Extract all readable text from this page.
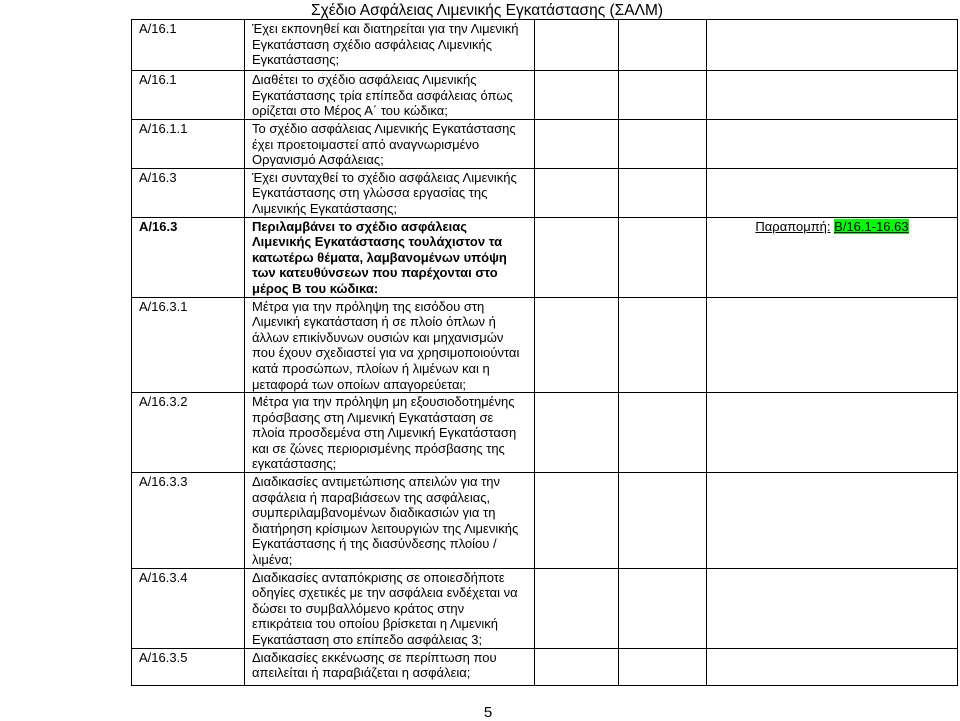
Σχέδιο Ασφάλειας Λιμενικής Εγκατάστασης (ΣΑΛΜ)
Α/16.1	Έχει εκπονηθεί και διατηρείται για την Λιμενική Εγκατάσταση σχέδιο ασφάλειας Λιμενικής Εγκατάστασης;			
Α/16.1	Διαθέτει το σχέδιο ασφάλειας Λιμενικής Εγκατάστασης τρία επίπεδα ασφάλειας όπως ορίζεται στο Μέρος Α΄ του κώδικα;			
Α/16.1.1	Το σχέδιο ασφάλειας Λιμενικής Εγκατάστασης έχει προετοιμαστεί από αναγνωρισμένο Οργανισμό Ασφάλειας;			
Α/16.3	Έχει συνταχθεί το σχέδιο ασφάλειας Λιμενικής Εγκατάστασης στη γλώσσα εργασίας της Λιμενικής Εγκατάστασης;			
Α/16.3	Περιλαμβάνει το σχέδιο ασφάλειας Λιμενικής Εγκατάστασης τουλάχιστον τα κατωτέρω θέματα, λαμβανομένων υπόψη των κατευθύνσεων που παρέχονται στο μέρος Β του κώδικα:			Παραπομπή: Β/16.1-16.63
Α/16.3.1	Μέτρα για την πρόληψη της εισόδου στη Λιμενική εγκατάσταση ή σε πλοίο όπλων ή άλλων επικίνδυνων ουσιών και μηχανισμών που έχουν σχεδιαστεί για να χρησιμοποιούνται κατά προσώπων, πλοίων ή λιμένων και η μεταφορά των οποίων απαγορεύεται;			
Α/16.3.2	Μέτρα για την πρόληψη μη εξουσιοδοτημένης πρόσβασης στη Λιμενική Εγκατάσταση σε πλοία προσδεμένα στη Λιμενική Εγκατάσταση και σε ζώνες περιορισμένης πρόσβασης της εγκατάστασης;			
Α/16.3.3	Διαδικασίες αντιμετώπισης απειλών για την ασφάλεια ή παραβιάσεων της ασφάλειας, συμπεριλαμβανομένων διαδικασιών για τη διατήρηση κρίσιμων λειτουργιών της Λιμενικής Εγκατάστασης ή της διασύνδεσης πλοίου /λιμένα;			
Α/16.3.4	Διαδικασίες ανταπόκρισης σε οποιεσδήποτε οδηγίες σχετικές με την ασφάλεια ενδέχεται να δώσει το συμβαλλόμενο κράτος στην επικράτεια του οποίου βρίσκεται η Λιμενική Εγκατάσταση στο επίπεδο ασφάλειας 3;			
Α/16.3.5	Διαδικασίες εκκένωσης σε περίπτωση που απειλείται ή παραβιάζεται η ασφάλεια;			
5
